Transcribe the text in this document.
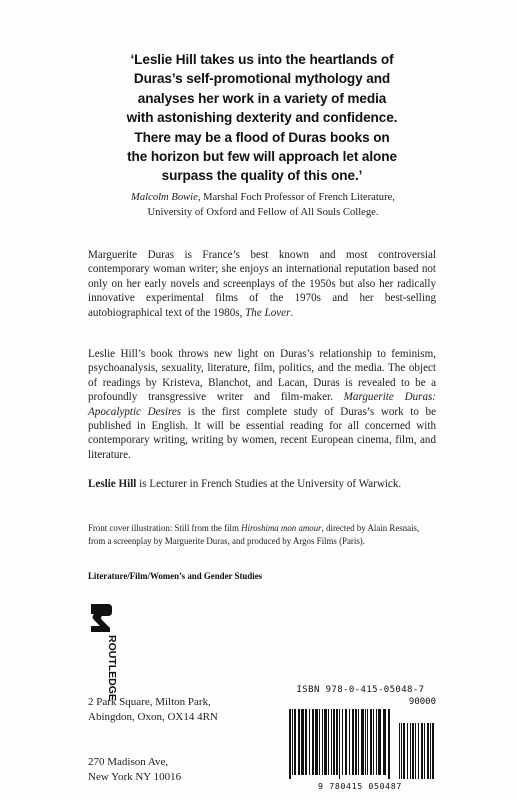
‘Leslie Hill takes us into the heartlands of
Duras’s self-promotional mythology and
analyses her work in a variety of media
with astonishing dexterity and confidence.
There may be a flood of Duras books on
the horizon but few will approach let alone
surpass the quality of this one.’
Malcolm Bowie, Marshal Foch Professor of French Literature,
University of Oxford and Fellow of All Souls College.
Marguerite Duras is France’s best known and most controversial contemporary woman writer; she enjoys an international reputation based not only on her early novels and screenplays of the 1950s but also her radically innovative experimental films of the 1970s and her best-selling autobiographical text of the 1980s, The Lover.
Leslie Hill’s book throws new light on Duras’s relationship to feminism, psychoanalysis, sexuality, literature, film, politics, and the media. The object of readings by Kristeva, Blanchot, and Lacan, Duras is revealed to be a profoundly transgressive writer and film-maker. Marguerite Duras: Apocalyptic Desires is the first complete study of Duras’s work to be published in English. It will be essential reading for all concerned with contemporary writing, writing by women, recent European cinema, film, and literature.
Leslie Hill is Lecturer in French Studies at the University of Warwick.
Front cover illustration: Still from the film Hiroshima mon amour, directed by Alain Resnais, from a screenplay by Marguerite Duras, and produced by Argos Films (Paris).
Literature/Film/Women’s and Gender Studies
ROUTLEDGE
2 Park Square, Milton Park,
Abingdon, Oxon, OX14 4RN
270 Madison Ave,
New York NY 10016
ISBN 978-0-415-05048-7
90000
9 780415 050487
